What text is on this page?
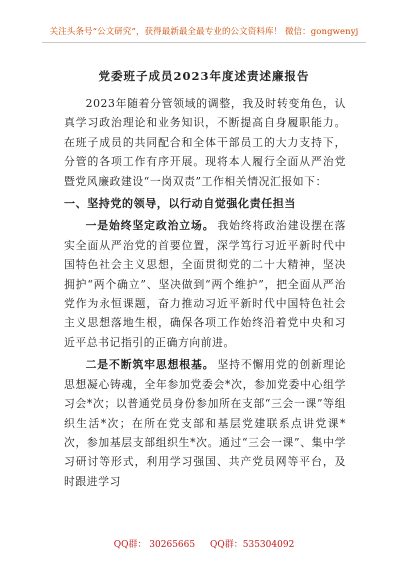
关注头条号“公文研究”，获得最新最全最专业的公文资料库！ 微信：gongwenyj
党委班子成员2023年度述责述廉报告

2023年随着分管领域的调整，我及时转变角色，认真学习政治理论和业务知识，不断提高自身履职能力。在班子成员的共同配合和全体干部员工的大力支持下，分管的各项工作有序开展。现将本人履行全面从严治党暨党风廉政建设“一岗双责”工作相关情况汇报如下：

一、坚持党的领导，以行动自觉强化责任担当

一是始终坚定政治立场。 我始终将政治建设摆在落实全面从严治党的首要位置，深学笃行习近平新时代中国特色社会主义思想，全面贯彻党的二十大精神，坚决拥护“两个确立”、坚决做到“两个维护”，把全面从严治党作为永恒课题，奋力推动习近平新时代中国特色社会主义思想落地生根，确保各项工作始终沿着党中央和习近平总书记指引的正确方向前进。

二是不断筑牢思想根基。 坚持不懈用党的创新理论思想凝心铸魂，全年参加党委会*次，参加党委中心组学习会*次；以普通党员身份参加所在支部“三会一课”等组织生活*次；在所在党支部和基层党建联系点讲党课*次，参加基层支部组织生*次。通过“三会一课”、集中学习研讨等形式，利用学习强国、共产党员网等平台，及时跟进学习

QQ群： 30265665 QQ群：535304092
